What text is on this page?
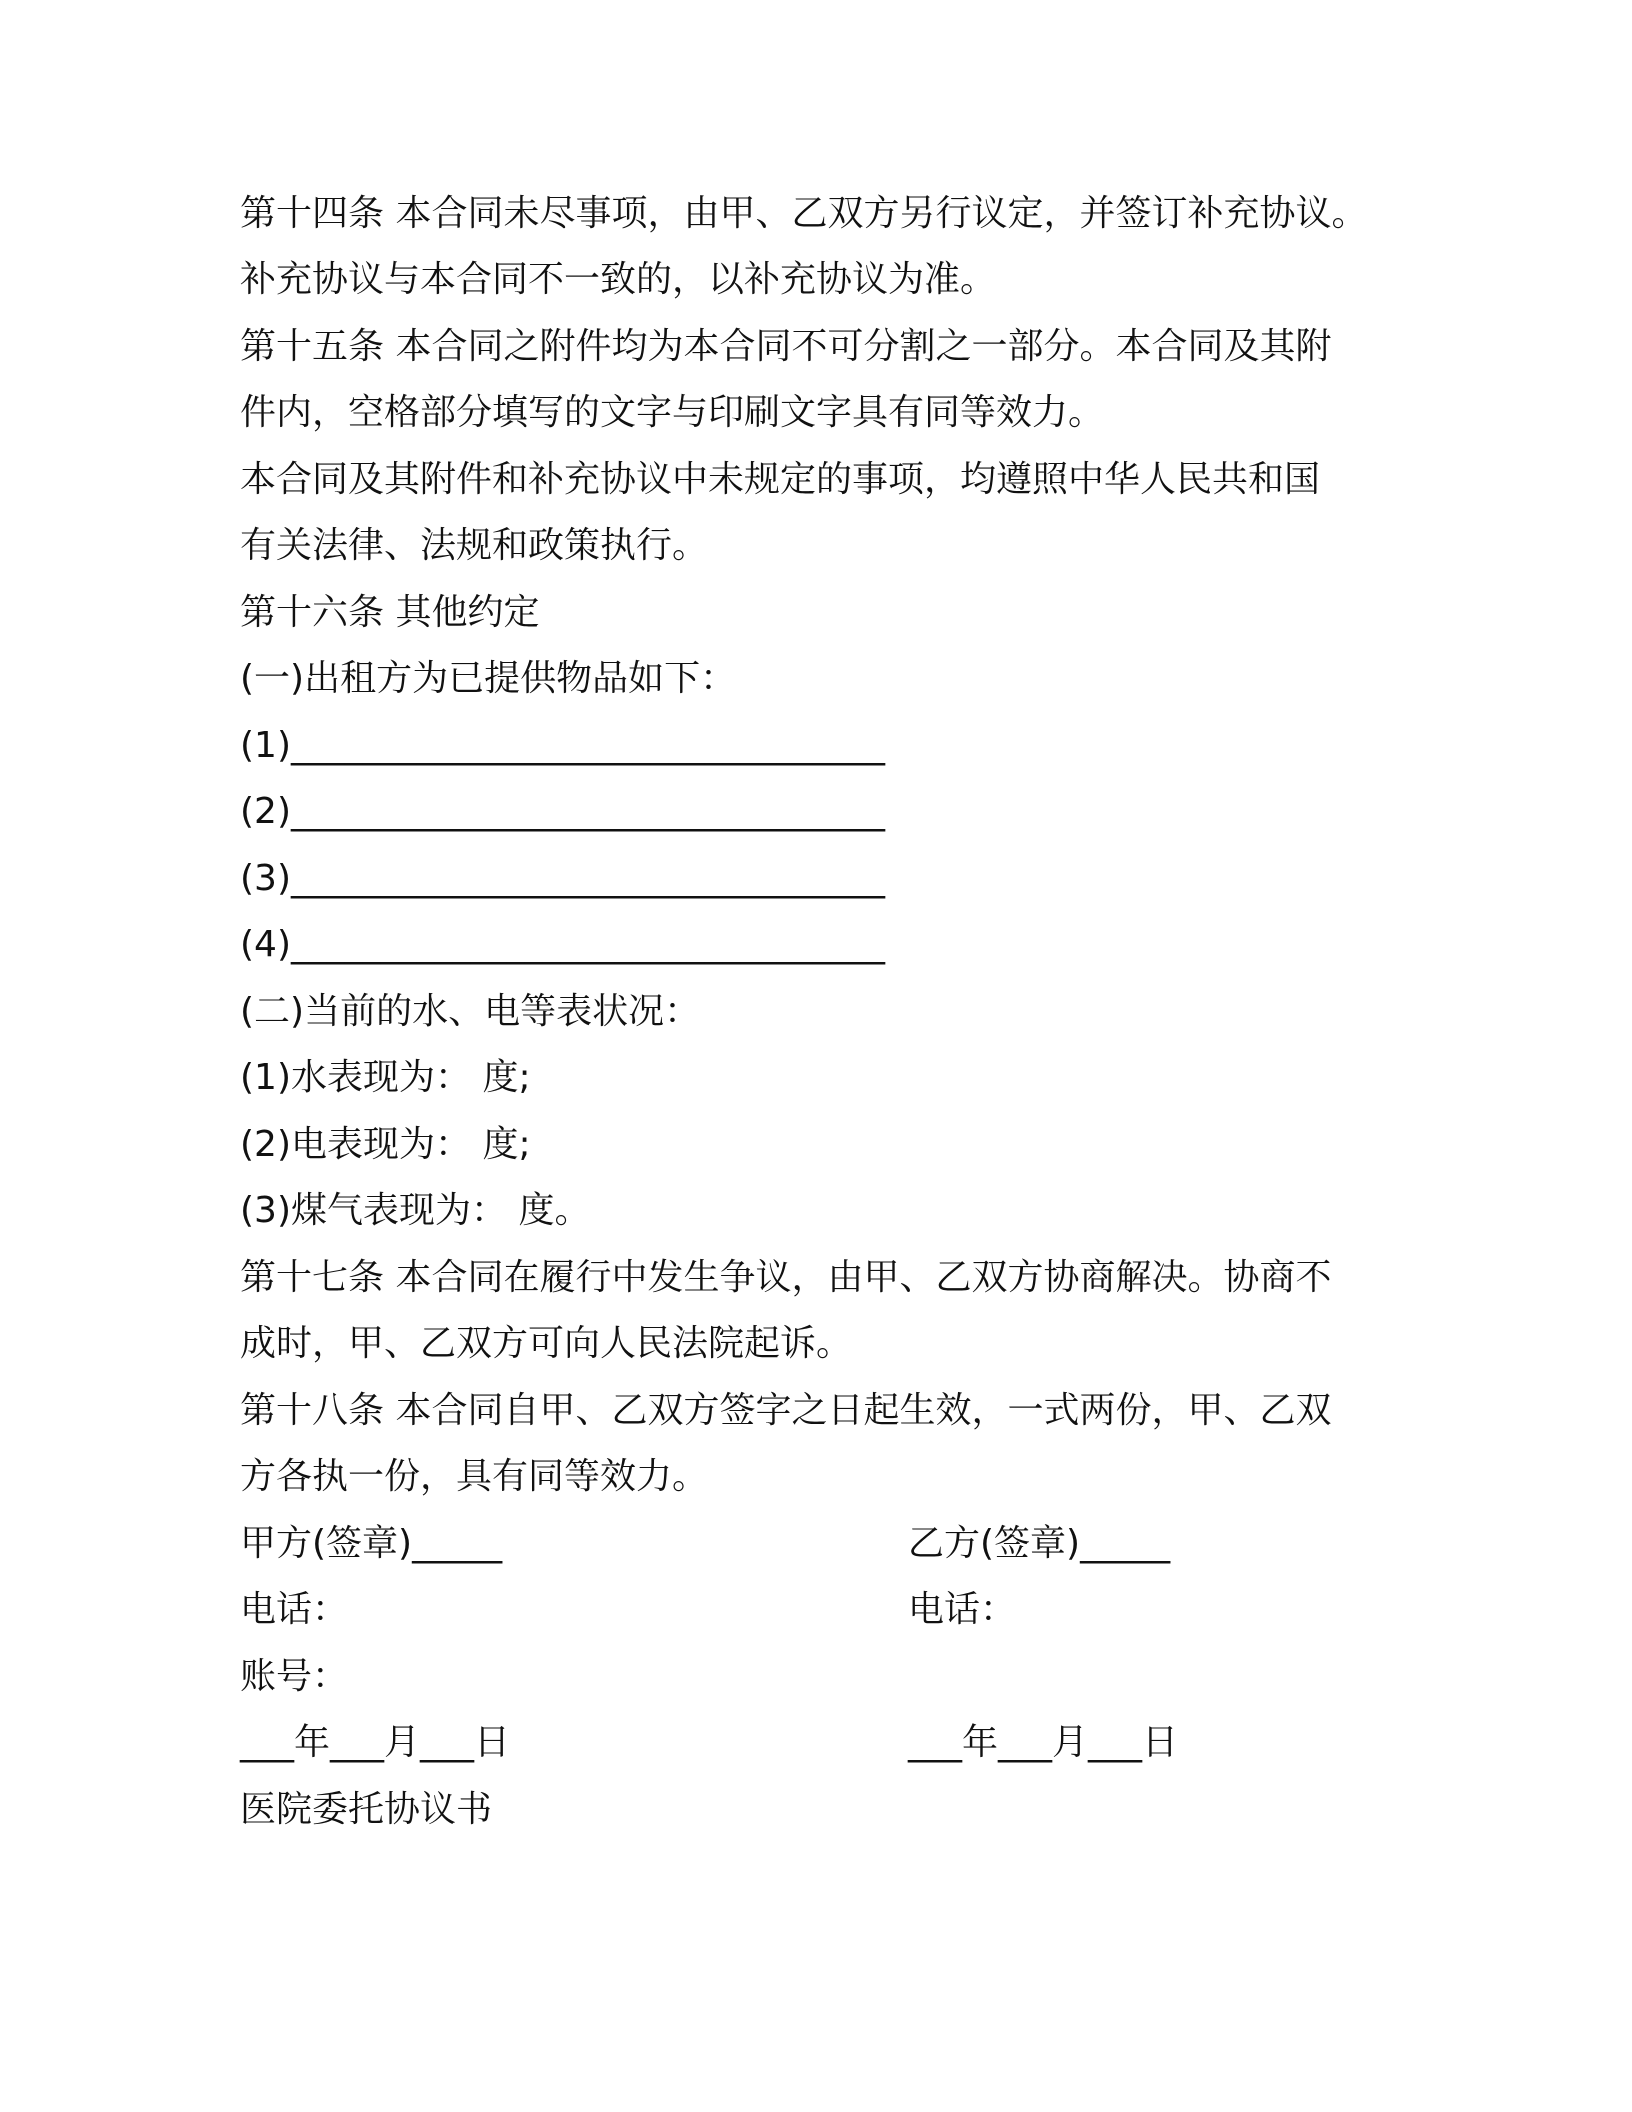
第十四条 本合同未尽事项，由甲、乙双方另行议定，并签订补充协议。
补充协议与本合同不一致的，以补充协议为准。
第十五条 本合同之附件均为本合同不可分割之一部分。本合同及其附
件内，空格部分填写的文字与印刷文字具有同等效力。
本合同及其附件和补充协议中未规定的事项，均遵照中华人民共和国
有关法律、法规和政策执行。
第十六条 其他约定
(一)出租方为已提供物品如下：
(1)_________________________________
(2)_________________________________
(3)_________________________________
(4)_________________________________
(二)当前的水、电等表状况：
(1)水表现为： 度;
(2)电表现为： 度;
(3)煤气表现为： 度。
第十七条 本合同在履行中发生争议，由甲、乙双方协商解决。协商不
成时，甲、乙双方可向人民法院起诉。
第十八条 本合同自甲、乙双方签字之日起生效，一式两份，甲、乙双
方各执一份，具有同等效力。
甲方(签章)_____	乙方(签章)_____
电话：	电话：
账号：
___年___月___日	___年___月___日
医院委托协议书
